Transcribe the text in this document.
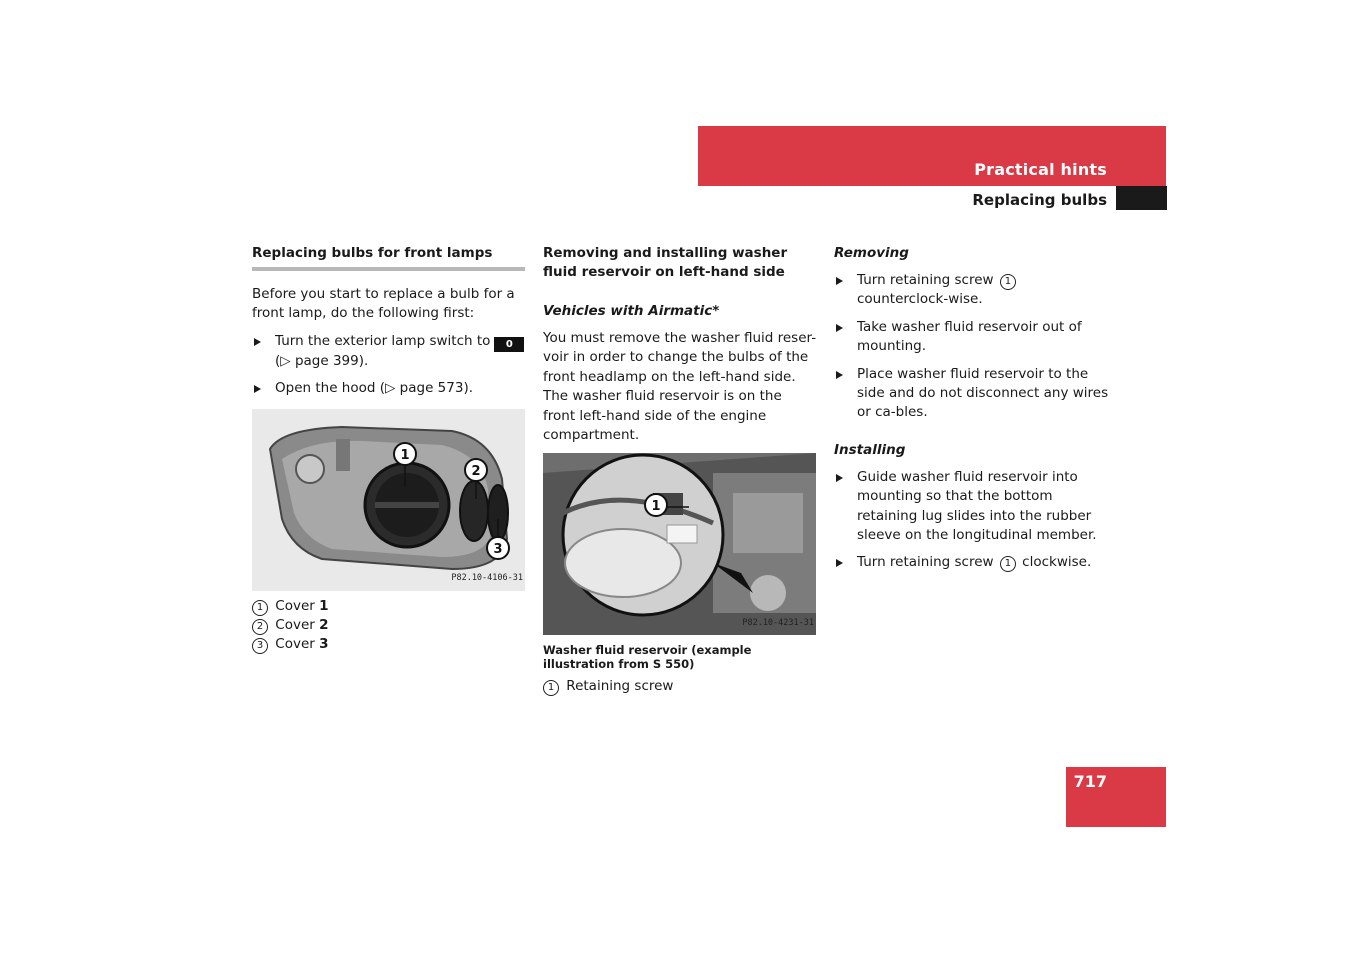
Practical hints
Replacing bulbs
Replacing bulbs for front lamps

Before you start to replace a bulb for a front lamp, do the following first:

Turn the exterior lamp switch to 0
(▷ page 399).
Open the hood (▷ page 573).
1
2
3
P82.10-4106-31
1 Cover 1
2 Cover 2
3 Cover 3
Removing and installing washer fluid reservoir on left-hand side
Vehicles with Airmatic*

You must remove the washer fluid reser-voir in order to change the bulbs of the front headlamp on the left-hand side. The washer fluid reservoir is on the front left-hand side of the engine compartment.

1
P82.10-4231-31
Washer fluid reservoir (example illustration from S 550)
1 Retaining screw
Removing
Turn retaining screw 1 counterclock-wise.
Take washer fluid reservoir out of mounting.
Place washer fluid reservoir to the side and do not disconnect any wires or ca-bles.
Installing
Guide washer fluid reservoir into mounting so that the bottom retaining lug slides into the rubber sleeve on the longitudinal member.
Turn retaining screw 1 clockwise.
717
